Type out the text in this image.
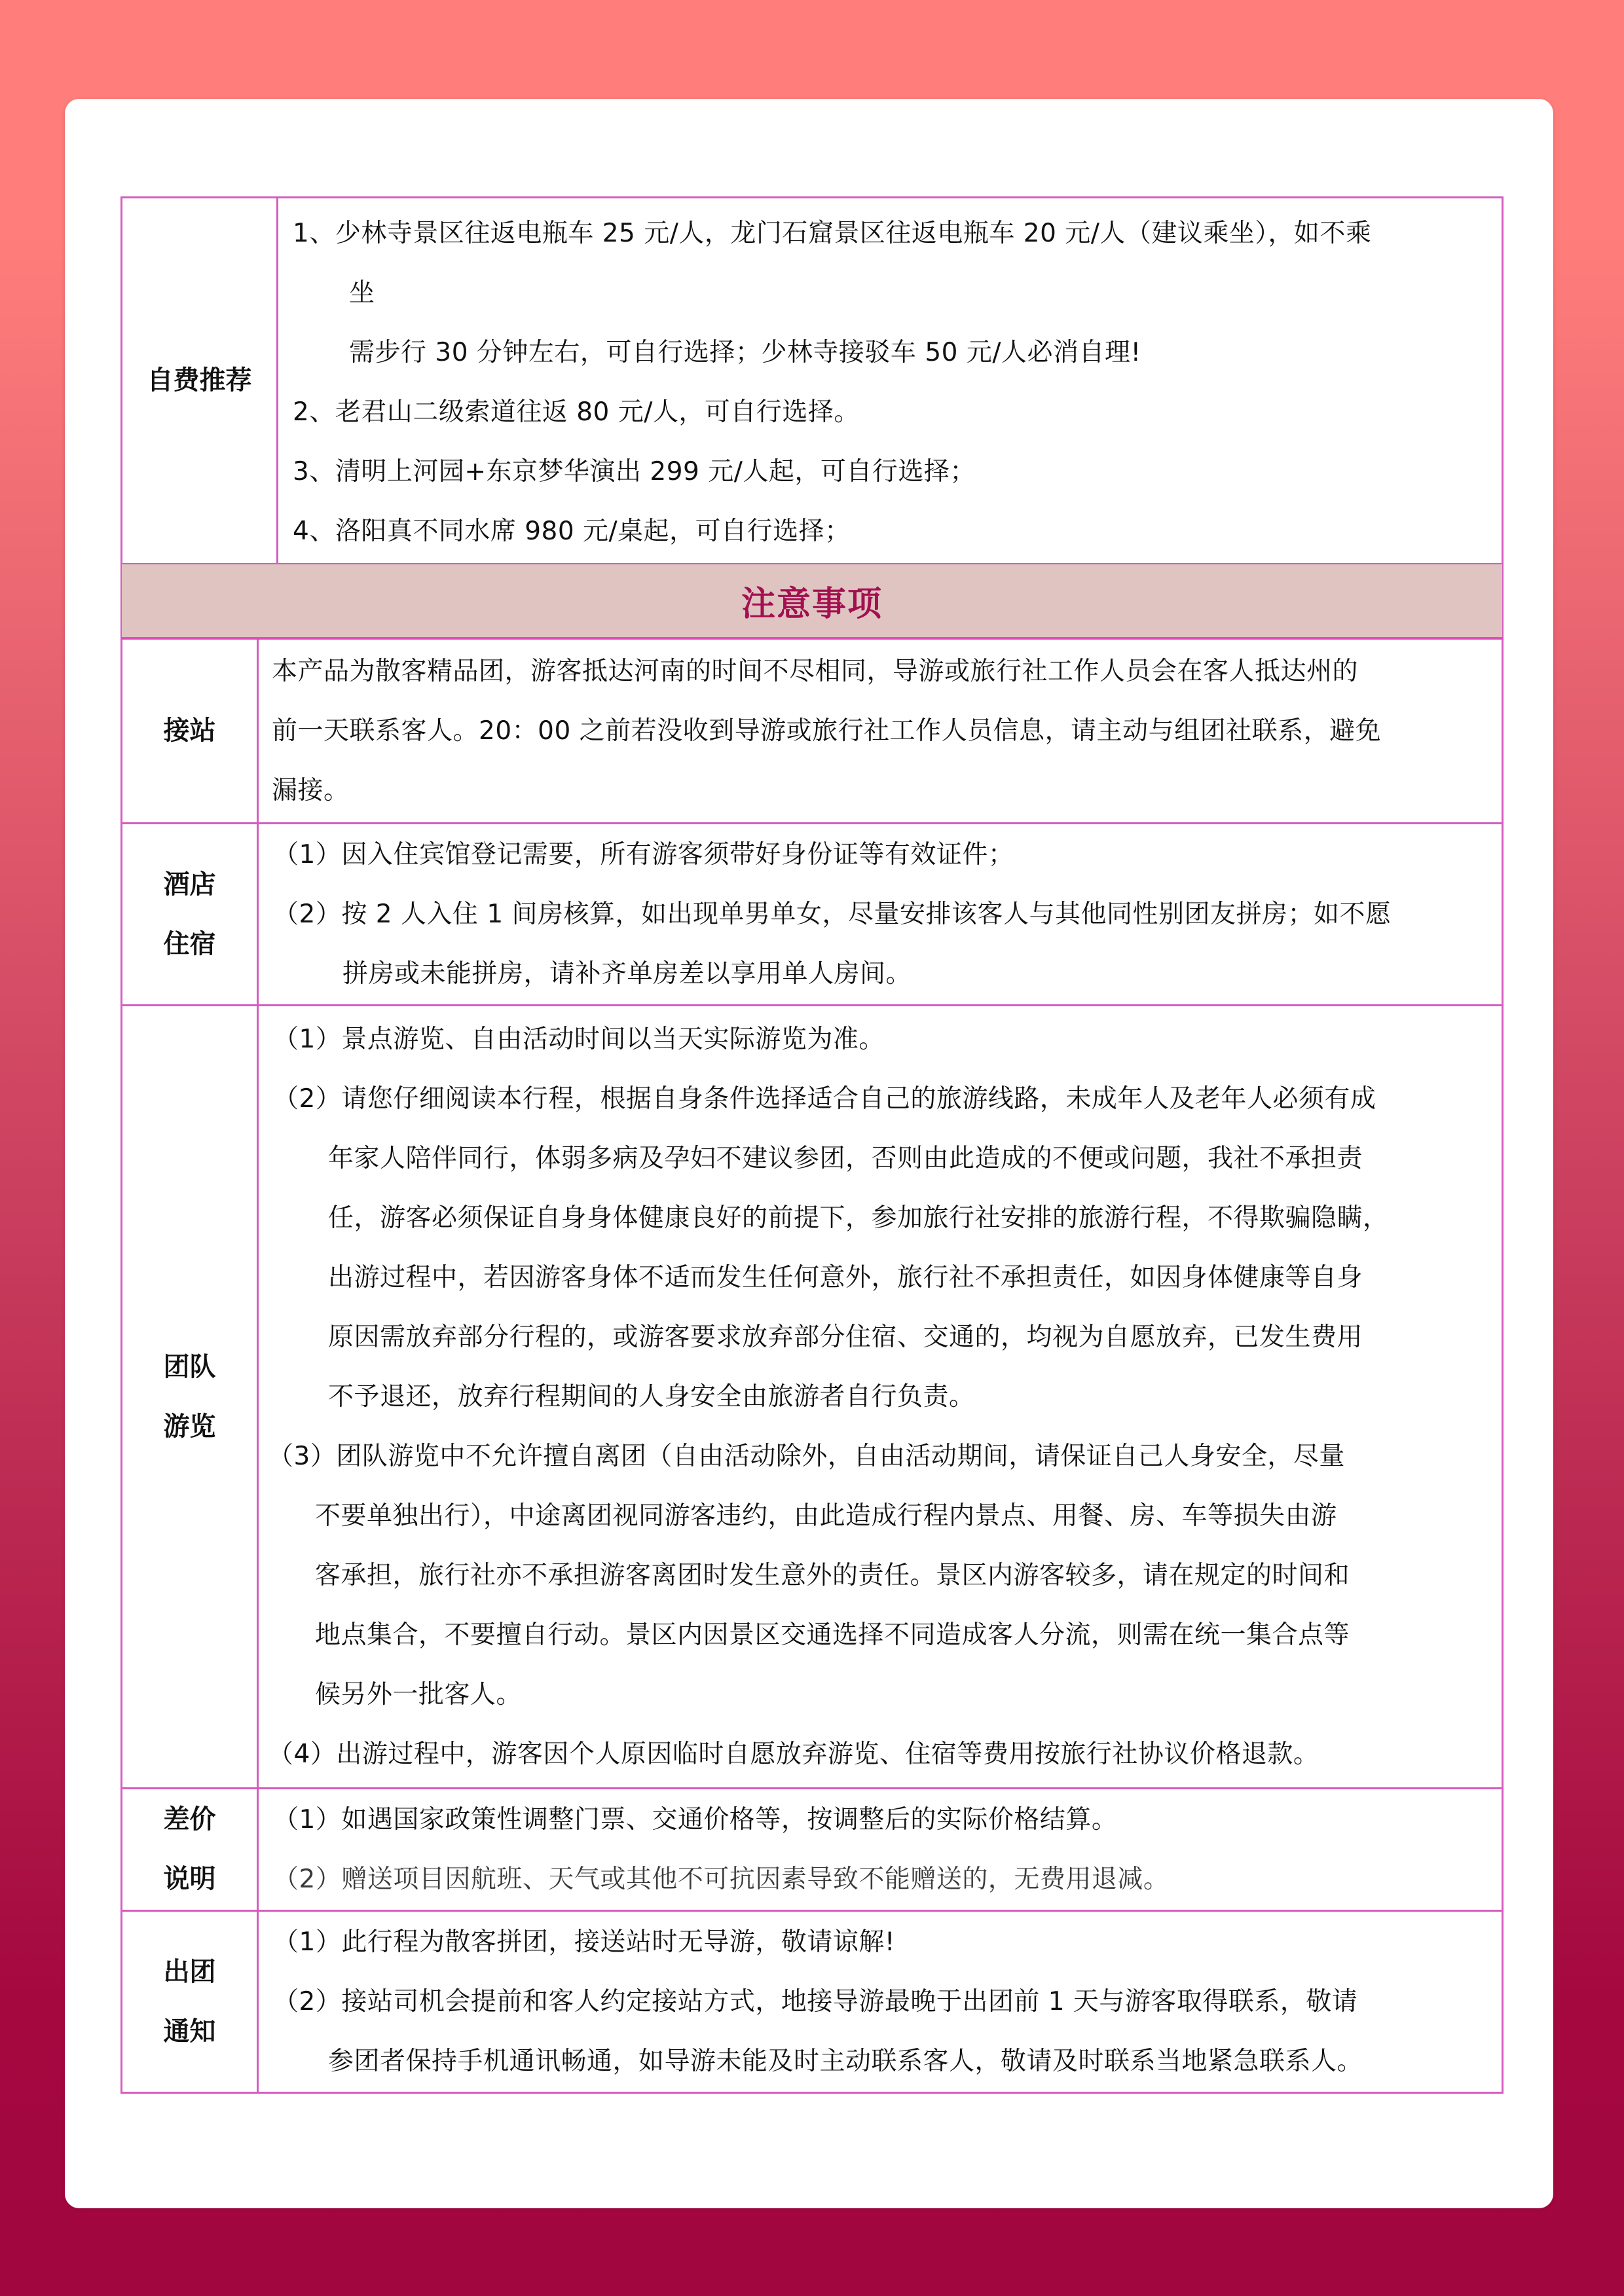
自费推荐
1、少林寺景区往返电瓶车 25 元/人，龙门石窟景区往返电瓶车 20 元/人（建议乘坐），如不乘
坐
需步行 30 分钟左右，可自行选择；少林寺接驳车 50 元/人必消自理!
2、老君山二级索道往返 80 元/人，可自行选择。
3、清明上河园+东京梦华演出 299 元/人起，可自行选择；
4、洛阳真不同水席 980 元/桌起，可自行选择；
注意事项
接站
本产品为散客精品团，游客抵达河南的时间不尽相同，导游或旅行社工作人员会在客人抵达州的
前一天联系客人。20：00 之前若没收到导游或旅行社工作人员信息，请主动与组团社联系，避免
漏接。
酒店
住宿
（1）因入住宾馆登记需要，所有游客须带好身份证等有效证件；
（2）按 2 人入住 1 间房核算，如出现单男单女，尽量安排该客人与其他同性别团友拼房；如不愿
拼房或未能拼房，请补齐单房差以享用单人房间。
团队
游览
（1）景点游览、自由活动时间以当天实际游览为准。
（2）请您仔细阅读本行程，根据自身条件选择适合自己的旅游线路，未成年人及老年人必须有成
年家人陪伴同行，体弱多病及孕妇不建议参团，否则由此造成的不便或问题，我社不承担责
任，游客必须保证自身身体健康良好的前提下，参加旅行社安排的旅游行程，不得欺骗隐瞒，
出游过程中，若因游客身体不适而发生任何意外，旅行社不承担责任，如因身体健康等自身
原因需放弃部分行程的，或游客要求放弃部分住宿、交通的，均视为自愿放弃，已发生费用
不予退还，放弃行程期间的人身安全由旅游者自行负责。
（3）团队游览中不允许擅自离团（自由活动除外，自由活动期间，请保证自己人身安全，尽量
不要单独出行），中途离团视同游客违约，由此造成行程内景点、用餐、房、车等损失由游
客承担，旅行社亦不承担游客离团时发生意外的责任。景区内游客较多，请在规定的时间和
地点集合，不要擅自行动。景区内因景区交通选择不同造成客人分流，则需在统一集合点等
候另外一批客人。
（4）出游过程中，游客因个人原因临时自愿放弃游览、住宿等费用按旅行社协议价格退款。
差价
说明
（1）如遇国家政策性调整门票、交通价格等，按调整后的实际价格结算。
（2）赠送项目因航班、天气或其他不可抗因素导致不能赠送的，无费用退减。
出团
通知
（1）此行程为散客拼团，接送站时无导游，敬请谅解!
（2）接站司机会提前和客人约定接站方式，地接导游最晚于出团前 1 天与游客取得联系，敬请
参团者保持手机通讯畅通，如导游未能及时主动联系客人，敬请及时联系当地紧急联系人。
